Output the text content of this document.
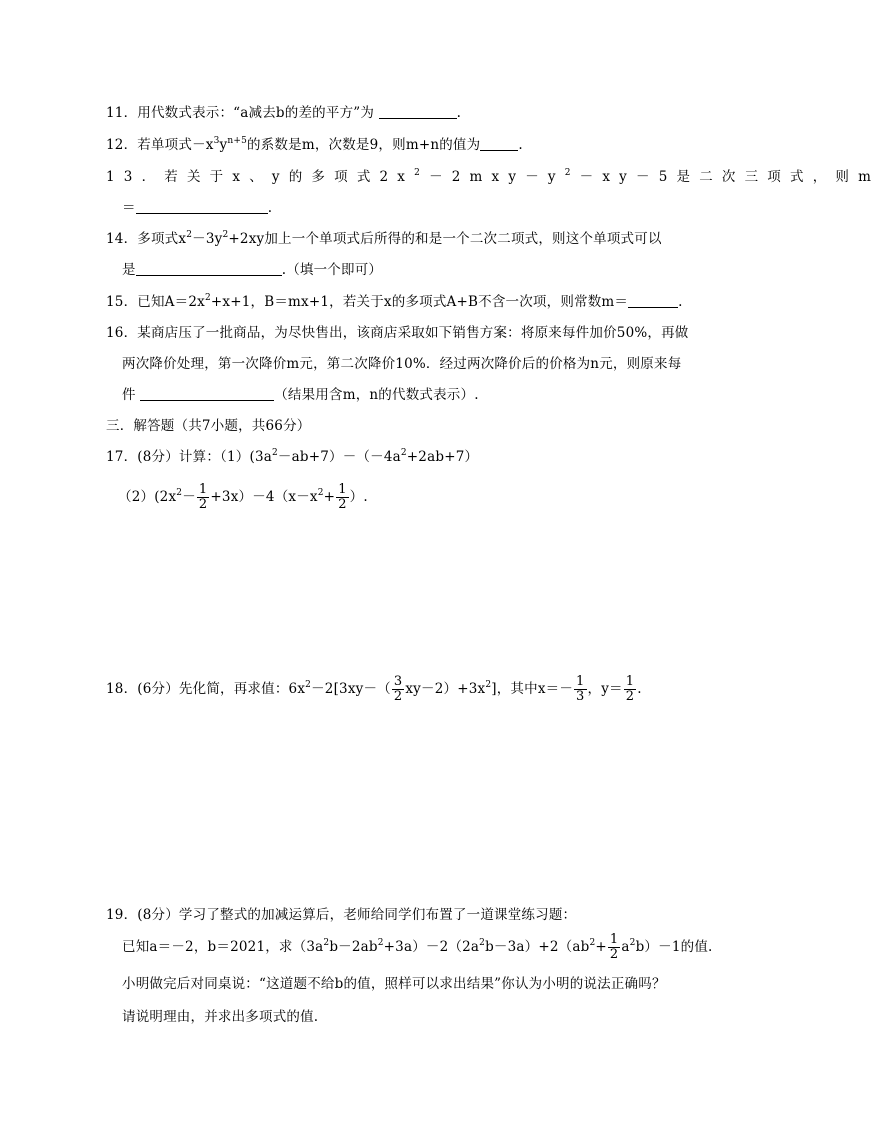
11．用代数式表示：“a减去b的差的平方”为	.
12．若单项式$-x^3y^{n+5}$的系数是m，次数是9，则m+n的值为	.
13．若关于x、y的多项式$2x^2-2mxy-y^2-xy-5$是二次三项式，则m
＝	.
14．多项式$x^2-3y^2+2xy$加上一个单项式后所得的和是一个二次二项式，则这个单项式可以
是	.（填一个即可）
15．已知$A=2x^2+x+1$，B＝mx+1，若关于x的多项式A+B不含一次项，则常数m＝	.
16．某商店压了一批商品，为尽快售出，该商店采取如下销售方案：将原来每件加价50%，再做
两次降价处理，第一次降价m元，第二次降价10%．经过两次降价后的价格为n元，则原来每
件	（结果用含m，n的代数式表示）.
三．解答题（共7小题，共66分）
17．(8分）计算：$(1)(3a^2-ab+7)-(-4a^2+2ab+7)$
$(2)(2x^2- \frac{1}{2} +3x)-4(x-x^2+ \frac{1}{2}$ ）.
18．(6分）先化简，再求值：$6x^2-2[3xy-( \frac{3}{2} xy-2)+3x^2]$，其中$x=- \frac{1}{3}$ ，$y= \frac{1}{2}$ .
19．(8分）学习了整式的加减运算后，老师给同学们布置了一道课堂练习题：
已知a＝－2，b＝2021，求$(3a^2b-2ab^2+3a)-2(2a^2b-3a)+2(ab^2+ \frac{1}{2} a^2b)-1$的值.
小明做完后对同桌说：“这道题不给b的值，照样可以求出结果”你认为小明的说法正确吗？
请说明理由，并求出多项式的值.
